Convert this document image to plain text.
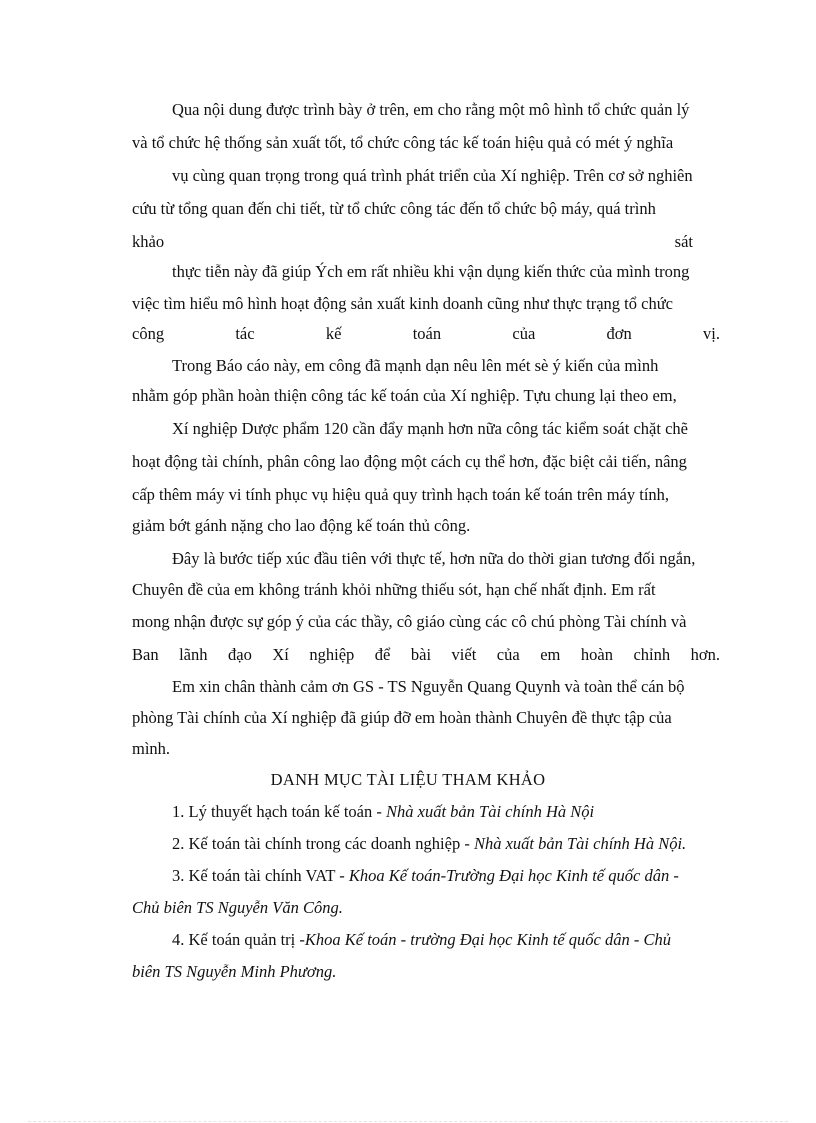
Qua nội dung được trình bày ở trên, em cho rằng một mô hình tổ chức quản lý
và tổ chức hệ thống sản xuất tốt, tổ chức công tác kế toán hiệu quả có mét ý nghĩa
vụ cùng quan trọng trong quá trình phát triển của Xí nghiệp. Trên cơ sở nghiên
cứu từ tổng quan đến chi tiết, từ tổ chức công tác đến tổ chức bộ máy, quá trình
khảo sát
thực tiễn này đã giúp Ých em rất nhiều khi vận dụng kiến thức của mình trong
việc tìm hiểu mô hình hoạt động sản xuất kinh doanh cũng như thực trạng tổ chức
công tác kế toán của đơn vị.
Trong Báo cáo này, em công đã mạnh dạn nêu lên mét sè ý kiến của mình
nhằm góp phần hoàn thiện công tác kế toán của Xí nghiệp. Tựu chung lại theo em,
Xí nghiệp Dược phẩm 120 cần đẩy mạnh hơn nữa công tác kiểm soát chặt chẽ
hoạt động tài chính, phân công lao động một cách cụ thể hơn, đặc biệt cải tiến, nâng
cấp thêm máy vi tính phục vụ hiệu quả quy trình hạch toán kế toán trên máy tính,
giảm bớt gánh nặng cho lao động kế toán thủ công.
Đây là bước tiếp xúc đầu tiên với thực tế, hơn nữa do thời gian tương đối ngắn,
Chuyên đề của em không tránh khỏi những thiếu sót, hạn chế nhất định. Em rất
mong nhận được sự góp ý của các thầy, cô giáo cùng các cô chú phòng Tài chính và
Ban lãnh đạo Xí nghiệp để bài viết của em hoàn chỉnh hơn.
Em xin chân thành cảm ơn GS - TS Nguyễn Quang Quynh và toàn thể cán bộ
phòng Tài chính của Xí nghiệp đã giúp đỡ em hoàn thành Chuyên đề thực tập của
mình.
DANH MỤC TÀI LIỆU THAM KHẢO
1. Lý thuyết hạch toán kế toán - Nhà xuất bản Tài chính Hà Nội
2. Kế toán tài chính trong các doanh nghiệp - Nhà xuất bản Tài chính Hà Nội.
3. Kế toán tài chính VAT - Khoa Kế toán-Trường Đại học Kinh tế quốc dân -
Chủ biên TS Nguyễn Văn Công.
4. Kế toán quản trị -Khoa Kế toán - trường Đại học Kinh tế quốc dân - Chủ
biên TS Nguyễn Minh Phương.
